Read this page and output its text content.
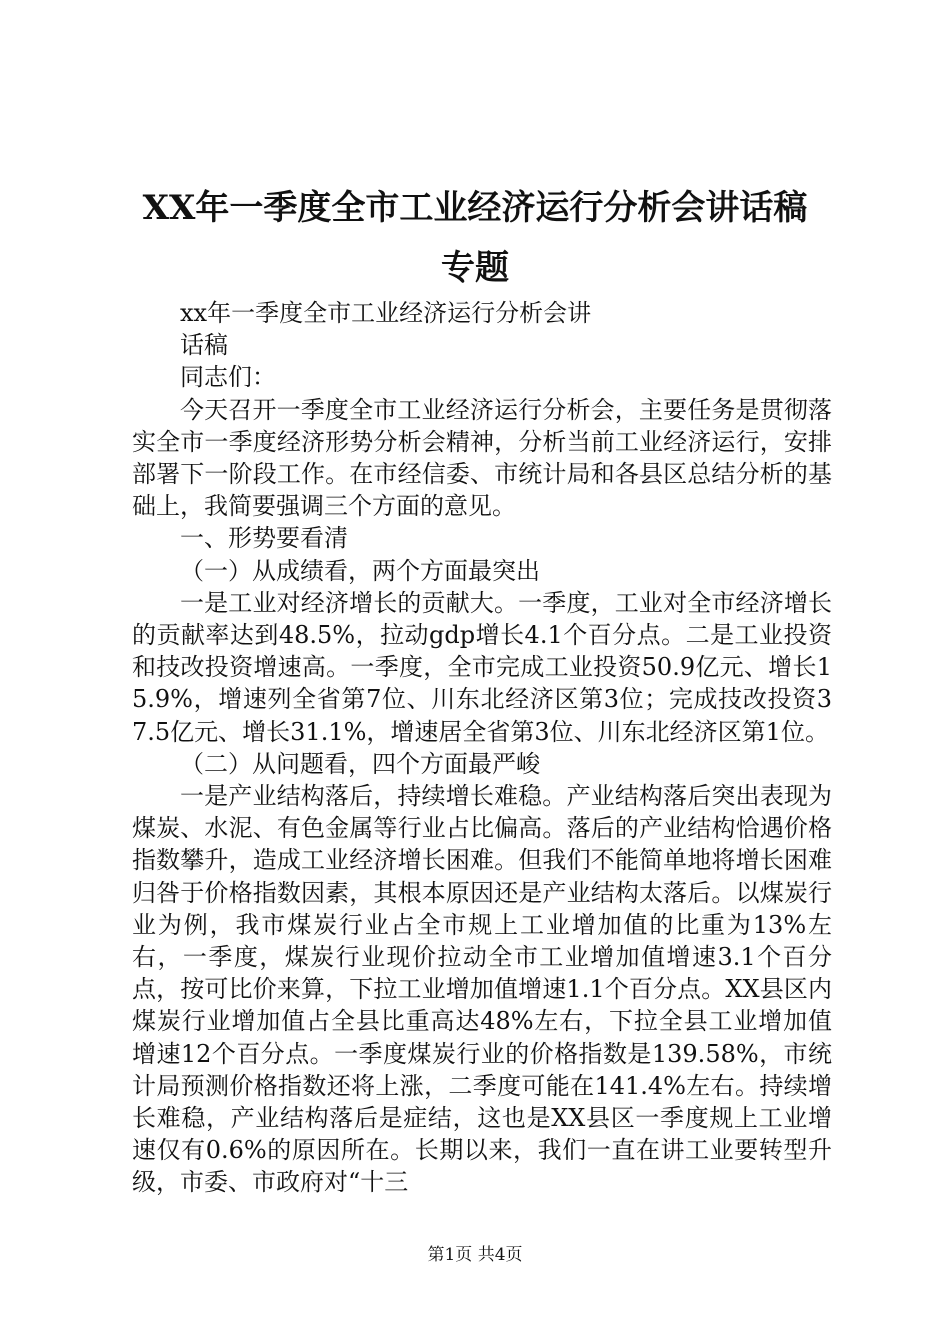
XX年一季度全市工业经济运行分析会讲话稿
专题

xx年一季度全市工业经济运行分析会讲

话稿

同志们：

今天召开一季度全市工业经济运行分析会，主要任务是贯彻落实全市一季度经济形势分析会精神，分析当前工业经济运行，安排部署下一阶段工作。在市经信委、市统计局和各县区总结分析的基础上，我简要强调三个方面的意见。

一、形势要看清

（一）从成绩看，两个方面最突出

一是工业对经济增长的贡献大。一季度，工业对全市经济增长的贡献率达到48.5%，拉动gdp增长4.1个百分点。二是工业投资和技改投资增速高。一季度，全市完成工业投资50.9亿元、增长15.9%，增速列全省第7位、川东北经济区第3位；完成技改投资37.5亿元、增长31.1%，增速居全省第3位、川东北经济区第1位。

（二）从问题看，四个方面最严峻

一是产业结构落后，持续增长难稳。产业结构落后突出表现为煤炭、水泥、有色金属等行业占比偏高。落后的产业结构恰遇价格指数攀升，造成工业经济增长困难。但我们不能简单地将增长困难归咎于价格指数因素，其根本原因还是产业结构太落后。以煤炭行业为例，我市煤炭行业占全市规上工业增加值的比重为13%左右，一季度，煤炭行业现价拉动全市工业增加值增速3.1个百分点，按可比价来算，下拉工业增加值增速1.1个百分点。XX县区内煤炭行业增加值占全县比重高达48%左右，下拉全县工业增加值增速12个百分点。一季度煤炭行业的价格指数是139.58%，市统计局预测价格指数还将上涨，二季度可能在141.4%左右。持续增长难稳，产业结构落后是症结，这也是XX县区一季度规上工业增速仅有0.6%的原因所在。长期以来，我们一直在讲工业要转型升级，市委、市政府对“十三

第1页 共4页
